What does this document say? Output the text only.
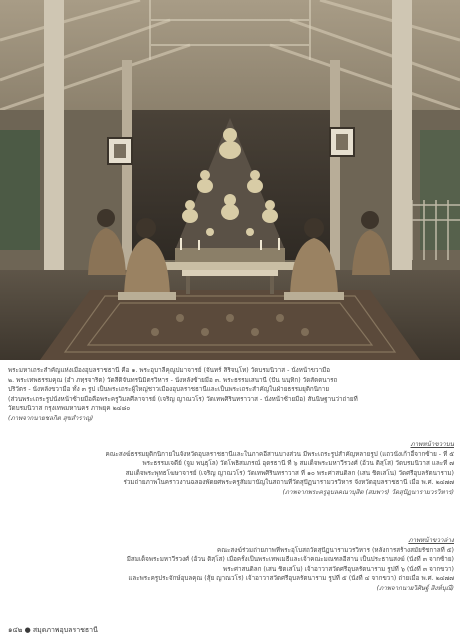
พระมหาเถระสำคัญแห่งเมืองอุบลราชธานี คือ ๑. พระอุบาลีคุณูปมาจารย์ (จันทร์ สิริจนฺโท) วัดบรมนิวาส - นั่งหน้าขวามือ
๒. พระเทพธรรมคุณ (อ่ำ ภทฺรจาริต) วัดสีดิจันทรนิมิตรวิหาร - นั่งหลังซ้ายมือ ๓. พระธรรมเสนานี (ปัน นนฺทิก) วัดสัตตนารถ
ปริวัตร - นั่งหลังขวามือ ทั้ง ๓ รูป เป็นพระเถระผู้ใหญ่ชาวเมืองอุบลราชธานีและเป็นพระเถระสำคัญในฝ่ายธรรมยุติกนิกาย
(ส่วนพระเถระรูปนั่งหน้าซ้ายมือคือพระครูวิมลศีลาจารย์ (เจริญ ญาณวโร) วัดเทพศิรินทราวาส - นั่งหน้าซ้ายมือ) สันนิษฐานว่าถ่ายที่
วัดบรมนิวาส กรุงเทพมหานคร ภาพยุค ๒๔๘๐
(ภาพจากนายชลกิต สุขสำราญ)
ภาพหน้าขวาบน
คณะสงฆ์ธรรมยุติกนิกายในจังหวัดอุบลราชธานีและในภาคอีสานบางส่วน มีพระเถระรูปสำคัญหลายรูป (แถวนั่งเก้าอี้จากซ้าย - ที่ ๕
พระธรรมเจดีย์ (จูม พนฺธุโล) วัดโพธิสมภรณ์ อุดรธานี ที่ ๖ สมเด็จพระมหาวีรวงศ์ (อ้วน ติสฺโส) วัดบรมนิวาส และที่ ๗
สมเด็จพระพุทธโฆษาจารย์ (เจริญ ญาณวโร) วัดเทพศิรินทราวาส ที่ ๑๐ พระศาสนดิลก (เสน ชิตเสโน) วัดศรีอุบลรัตนาราม)
ร่วมถ่ายภาพในคราวงานฉลองพัดยศพระครูสัมมานัญในสถานที่วัดสุปัฏนารามวรวิหาร จังหวัดอุบลราชธานี เมื่อ พ.ศ. ๒๔๗๗
(ภาพจากพระครูอุบลคณาบุสิต (สมพาร) วัดสุปัฏนารามวรวิหาร)
ภาพหน้าขวาล่าง
คณะสงฆ์ร่วมถ่ายภาพที่พระอุโบสถวัดสุปัฏนารามวรวิหาร (หลังการสร้างสมัยรัชกาลที่ ๕)
มีสมเด็จพระมหาวีรวงศ์ (อ้วน ติสฺโส) เมื่อครั้งเป็นพระเทพเมธีและเจ้าคณะมณฑลอีสาน เป็นประธานสงฆ์ (นั่งที่ ๓ จากซ้าย)
พระศาสนดิลก (เสน ชิตเสโน) เจ้าอาวาสวัดศรีอุบลรัตนาราม รูปที่ ๖ (นั่งที่ ๓ จากขวา)
และพระครูประจักษ์อุบลคุณ (สุ้ย ญาณวโร) เจ้าอาวาสวัดศรีอุบลรัตนาราม รูปที่ ๕ (นั่งที่ ๔ จากขวา) ถ่ายเมื่อ พ.ศ. ๒๔๗๗
(ภาพจากนายวิศิษฐ์ สิงห์บุณี)
๑๔๒ ● สมุดภาพอุบลราชธานี
